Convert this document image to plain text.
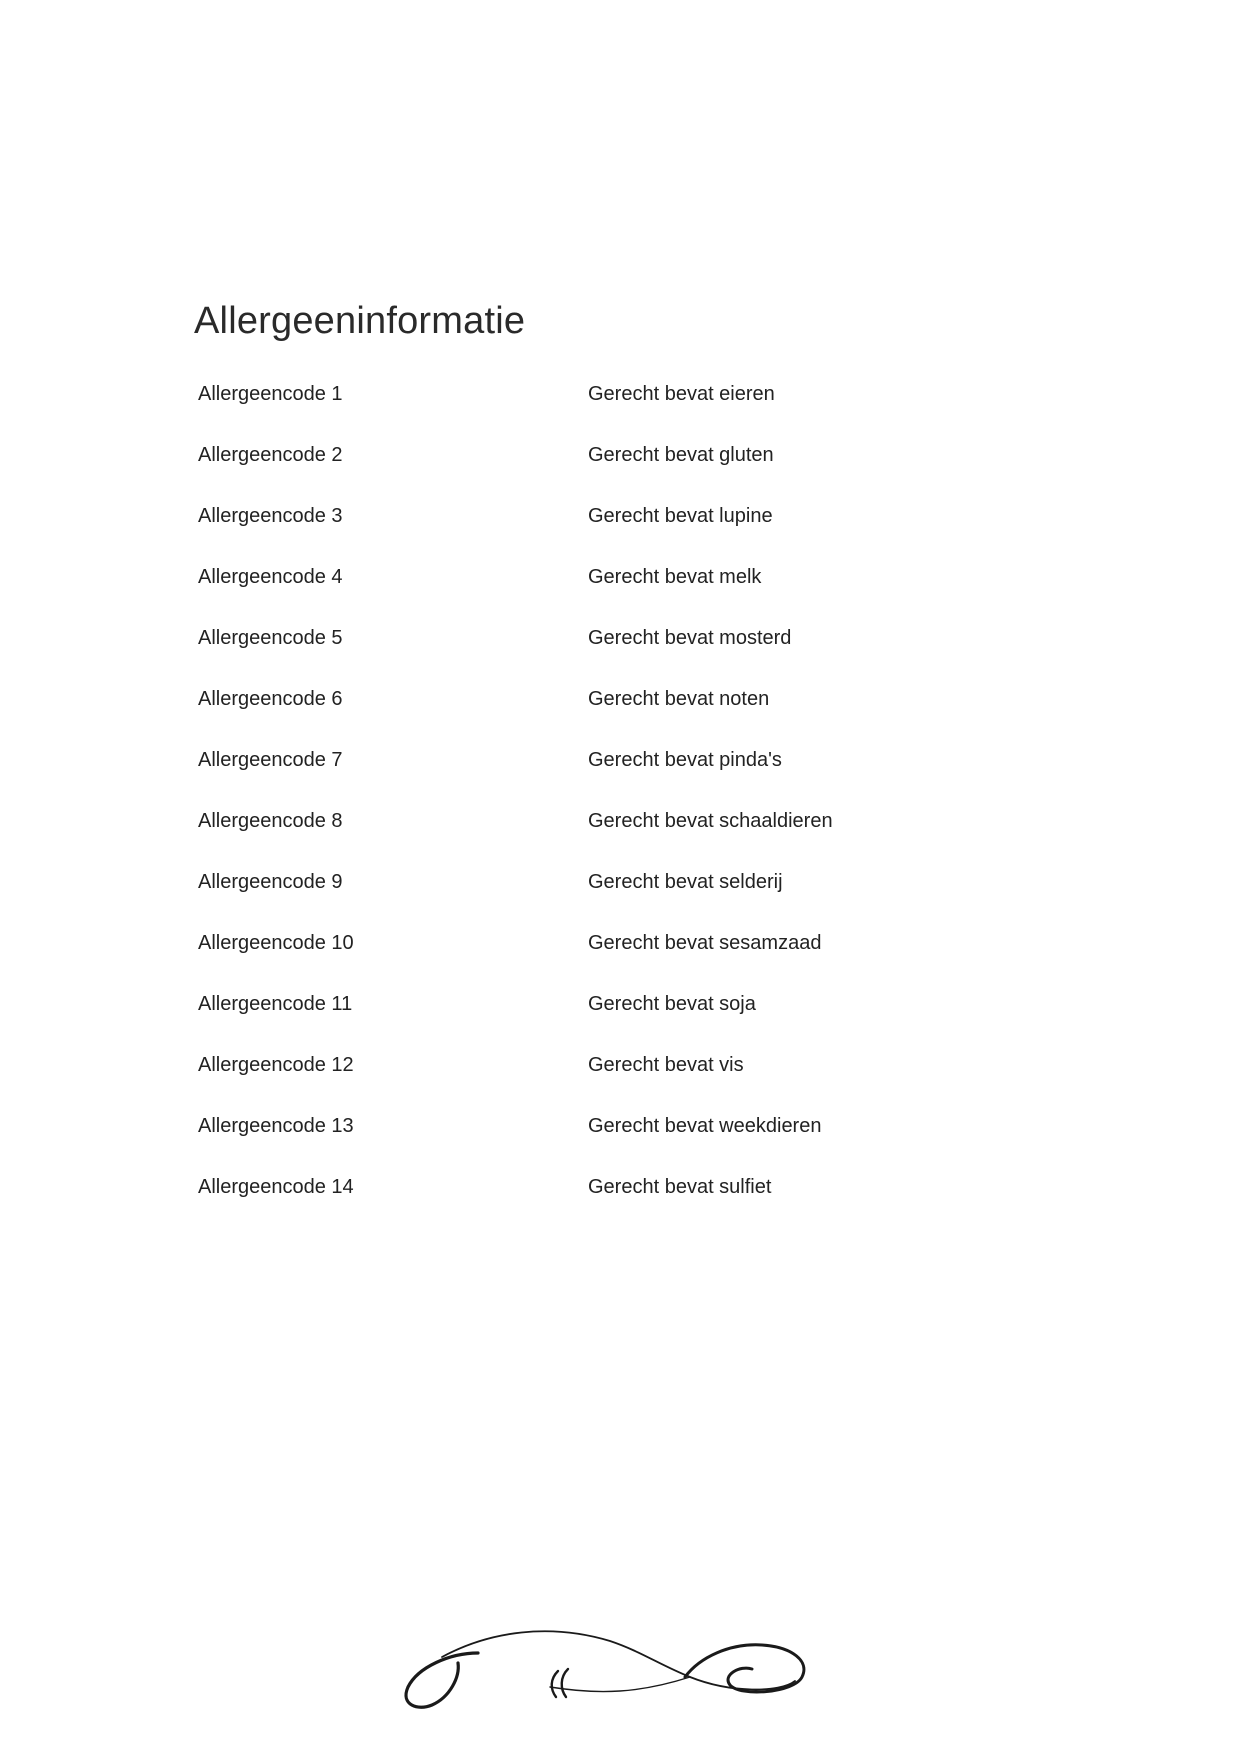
Allergeeninformatie
Allergeencode 1	Gerecht bevat eieren
Allergeencode 2	Gerecht bevat gluten
Allergeencode 3	Gerecht bevat lupine
Allergeencode 4	Gerecht bevat melk
Allergeencode 5	Gerecht bevat mosterd
Allergeencode 6	Gerecht bevat noten
Allergeencode 7	Gerecht bevat pinda's
Allergeencode 8	Gerecht bevat schaaldieren
Allergeencode 9	Gerecht bevat selderij
Allergeencode 10	Gerecht bevat sesamzaad
Allergeencode 11	Gerecht bevat soja
Allergeencode 12	Gerecht bevat vis
Allergeencode 13	Gerecht bevat weekdieren
Allergeencode 14	Gerecht bevat sulfiet
